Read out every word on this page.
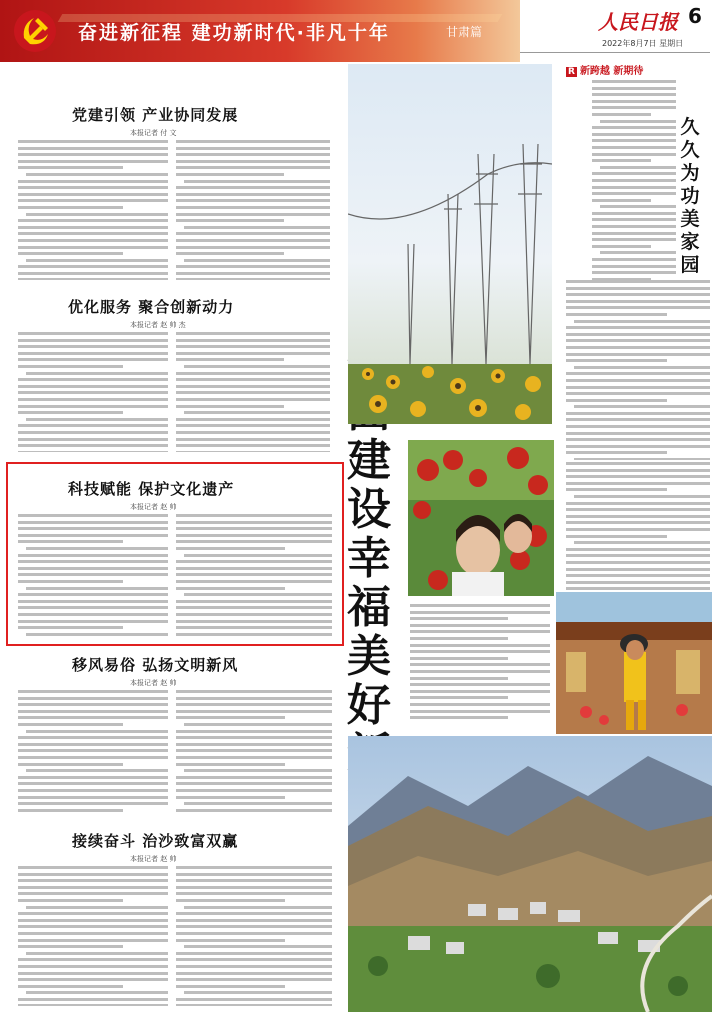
奋进新征程 建功新时代·非凡十年	甘肃篇	人民日报 6
2022年8月7日 星期日
党建引领 产业协同发展
本报记者 付 文
优化服务 聚合创新动力
本报记者 赵 帅 杰
科技赋能 保护文化遗产
本报记者 赵 帅
移风易俗 弘扬文明新风
本报记者 赵 帅
接续奋斗 治沙致富双赢
本报记者 赵 帅
建设幸福美好
R 新跨越 新期待
久久为功美家园
